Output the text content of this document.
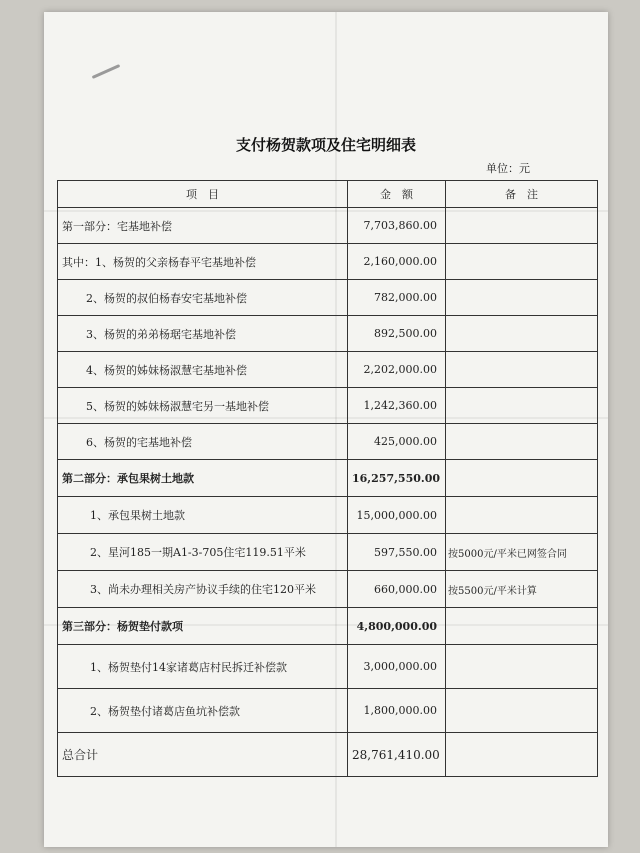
支付杨贺款项及住宅明细表
单位：元
项　目	金　额	备　注
第一部分：宅基地补偿	7,703,860.00	
其中：1、杨贺的父亲杨春平宅基地补偿	2,160,000.00	
2、杨贺的叔伯杨春安宅基地补偿	782,000.00	
3、杨贺的弟弟杨琚宅基地补偿	892,500.00	
4、杨贺的姊妹杨淑慧宅基地补偿	2,202,000.00	
5、杨贺的姊妹杨淑慧宅另一基地补偿	1,242,360.00	
6、杨贺的宅基地补偿	425,000.00	
第二部分：承包果树土地款	16,257,550.00	
1、承包果树土地款	15,000,000.00	
2、星河185一期A1-3-705住宅119.51平米	597,550.00	按5000元/平米已网签合同
3、尚未办理相关房产协议手续的住宅120平米	660,000.00	按5500元/平米计算
第三部分：杨贺垫付款项	4,800,000.00	
1、杨贺垫付14家诸葛店村民拆迁补偿款	3,000,000.00	
2、杨贺垫付诸葛店鱼坑补偿款	1,800,000.00	
总合计	28,761,410.00	
